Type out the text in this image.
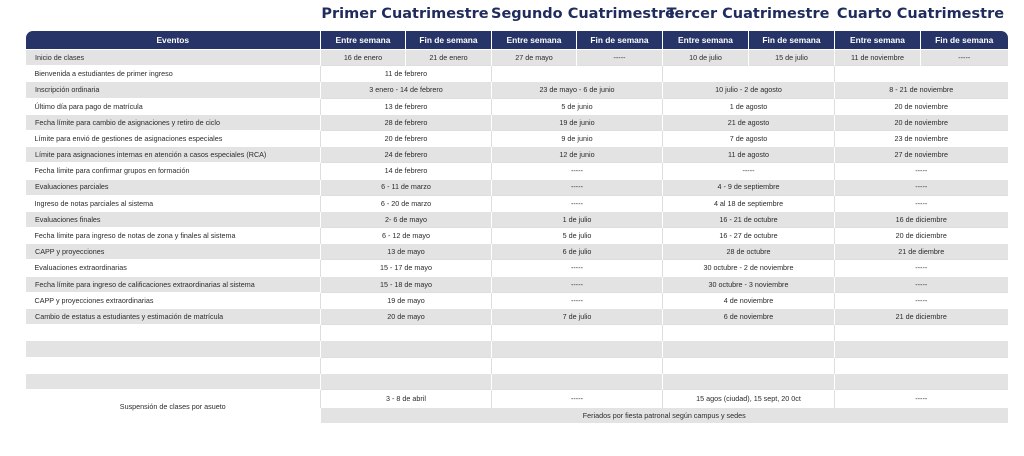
Primer Cuatrimestre Segundo Cuatrimestre
Tercer Cuatrimestre Cuarto Cuatrimestre
Eventos	Entre semana	Fin de semana	Entre semana	Fin de semana	Entre semana	Fin de semana	Entre semana	Fin de semana
Inicio de clases	16 de enero	21 de enero	27 de mayo	-----	10 de julio	15 de julio	11 de noviembre	-----
Bienvenida a estudiantes de primer ingreso	11 de febrero							
Inscripción ordinaria	3 enero - 14 de febrero		23 de mayo - 6 de junio		10 julio - 2 de agosto		8 - 21 de noviembre	
Último día para pago de matrícula	13 de febrero		5 de junio		1 de agosto		20 de noviembre	
Fecha límite para cambio de asignaciones y retiro de ciclo	28 de febrero		19 de junio		21 de agosto		20 de noviembre	
Límite para envió de gestiones de asignaciones especiales	20 de febrero		9 de junio		7 de agosto		23 de noviembre	
Límite para asignaciones internas en atención a casos especiales (RCA)	24 de febrero		12 de junio		11 de agosto		27 de noviembre	
Fecha límite para confirmar grupos en formación	14 de febrero		-----		-----		-----	
Evaluaciones parciales	6 - 11 de marzo		-----		4 - 9 de septiembre		-----	
Ingreso de notas parciales al sistema	6 - 20 de marzo		-----		4 al 18 de septiembre		-----	
Evaluaciones finales	2- 6 de mayo		1 de julio		16 - 21 de octubre		16 de diciembre	
Fecha límite para ingreso de notas de zona y finales al sistema	6 - 12 de mayo		5 de julio		16 - 27 de octubre		20 de diciembre	
CAPP y proyecciones	13 de mayo		6 de julio		28 de octubre		21 de diembre	
Evaluaciones extraordinarias	15 - 17 de mayo		-----		30 octubre - 2 de noviembre		-----	
Fecha límite para ingreso de calificaciones extraordinarias al sistema	15 - 18 de mayo		-----		30 octubre - 3 noviembre		-----	
CAPP y proyecciones extraordinarias	19 de mayo		-----		4 de noviembre		-----	
Cambio de estatus a estudiantes y estimación de matrícula	20 de mayo		7 de julio		6 de noviembre		21 de diciembre	

Suspensión de clases por asueto	3 - 8 de abril		-----		15 agos (ciudad), 15 sept, 20 0ct		-----	
	Feriados por fiesta patronal según campus y sedes							
